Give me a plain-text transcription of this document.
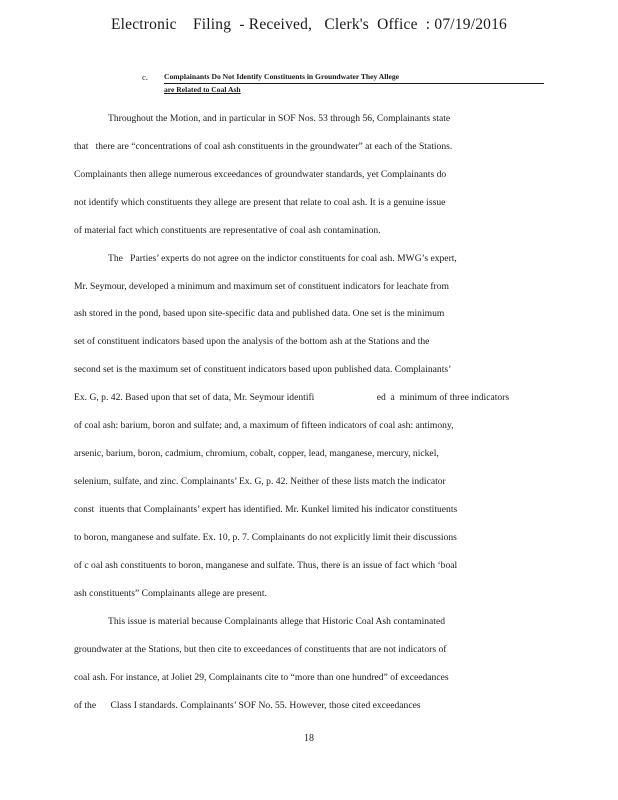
Electronic    Filing  - Received,   Clerk's  Office  : 07/19/2016
c. Complainants Do Not Identify Constituents in Groundwater They Allege
are Related to Coal Ash
Throughout the Motion, and in particular in SOF Nos. 53 through 56, Complainants state
that   there are “concentrations of coal ash constituents in the groundwater” at each of the Stations.
Complainants then allege numerous exceedances of groundwater standards, yet Complainants do
not identify which constituents they allege are present that relate to coal ash. It is a genuine issue
of material fact which constituents are representative of coal ash contamination.
The   Parties’ experts do not agree on the indictor constituents for coal ash. MWG’s expert,
Mr. Seymour, developed a minimum and maximum set of constituent indicators for leachate from
ash stored in the pond, based upon site-specific data and published data. One set is the minimum
set of constituent indicators based upon the analysis of the bottom ash at the Stations and the
second set is the maximum set of constituent indicators based upon published data. Complainants’
Ex. G, p. 42. Based upon that set of data, Mr. Seymour identifi                          ed  a  minimum of three indicators
of coal ash: barium, boron and sulfate; and, a maximum of fifteen indicators of coal ash: antimony,
arsenic, barium, boron, cadmium, chromium, cobalt, copper, lead, manganese, mercury, nickel,
selenium, sulfate, and zinc. Complainants’ Ex. G, p. 42. Neither of these lists match the indicator
const  ituents that Complainants’ expert has identified. Mr. Kunkel limited his indicator constituents
to boron, manganese and sulfate. Ex. 10, p. 7. Complainants do not explicitly limit their discussions
of c oal ash constituents to boron, manganese and sulfate. Thus, there is an issue of fact which ‘boal
ash constituents” Complainants allege are present.
This issue is material because Complainants allege that Historic Coal Ash contaminated
groundwater at the Stations, but then cite to exceedances of constituents that are not indicators of
coal ash. For instance, at Joliet 29, Complainants cite to “more than one hundred” of exceedances
of the      Class I standards. Complainants’ SOF No. 55. However, those cited exceedances
18
